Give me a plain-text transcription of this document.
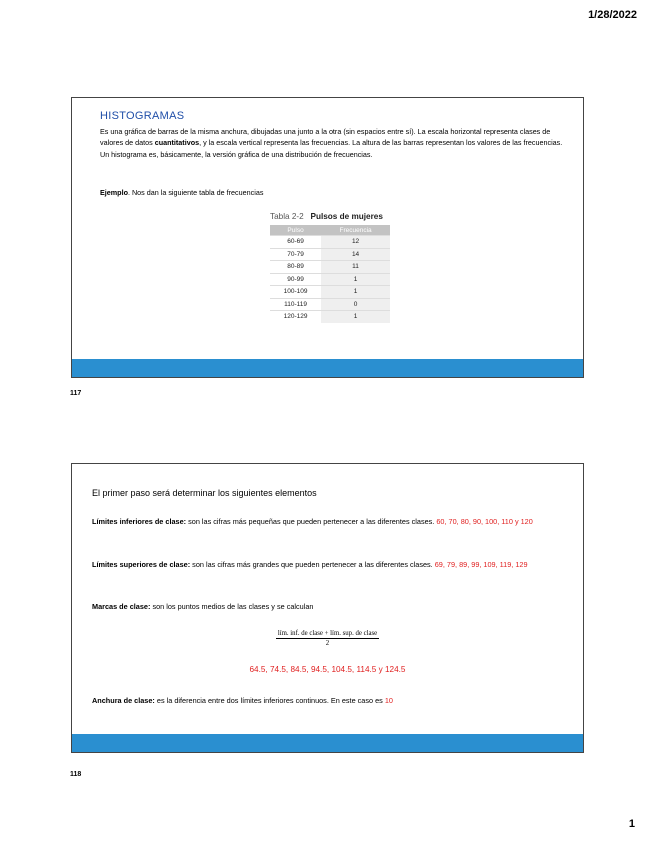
1/28/2022
HISTOGRAMAS
Es una gráfica de barras de la misma anchura, dibujadas una junto a la otra (sin espacios entre sí). La escala horizontal representa clases de valores de datos cuantitativos, y la escala vertical representa las frecuencias. La altura de las barras representan los valores de las frecuencias. Un histograma es, básicamente, la versión gráfica de una distribución de frecuencias.
Ejemplo. Nos dan la siguiente tabla de frecuencias
Tabla 2-2 Pulsos de mujeres
Pulso	Frecuencia
60-69	12
70-79	14
80-89	11
90-99	1
100-109	1
110-119	0
120-129	1
117
El primer paso será determinar los siguientes elementos
Límites inferiores de clase: son las cifras más pequeñas que pueden pertenecer a las diferentes clases. 60, 70, 80, 90, 100, 110 y 120
Límites superiores de clase: son las cifras más grandes que pueden pertenecer a las diferentes clases. 69, 79, 89, 99, 109, 119, 129
Marcas de clase: son los puntos medios de las clases y se calculan
lím. inf. de clase + lím. sup. de clase
2
64.5, 74.5, 84.5, 94.5, 104.5, 114.5 y 124.5
Anchura de clase: es la diferencia entre dos límites inferiores continuos. En este caso es 10
118
1
